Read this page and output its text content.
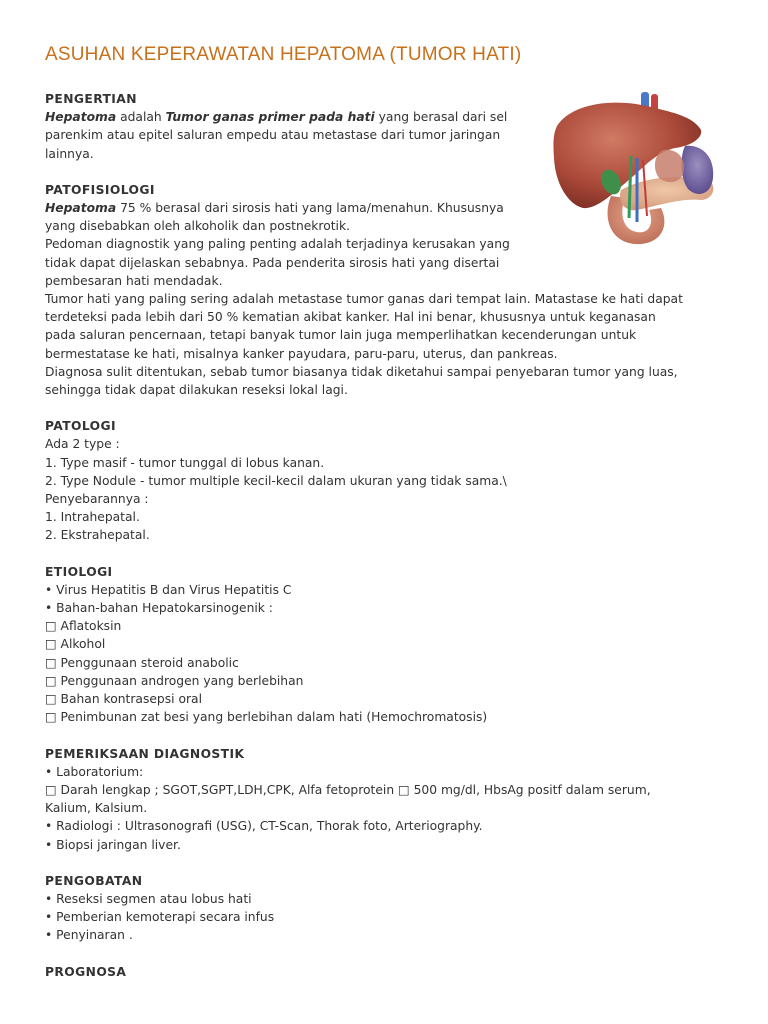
ASUHAN KEPERAWATAN HEPATOMA (TUMOR HATI)
PENGERTIAN
Hepatoma adalah Tumor ganas primer pada hati yang berasal dari sel
parenkim atau epitel saluran empedu atau metastase dari tumor jaringan
lainnya.
PATOFISIOLOGI
Hepatoma 75 % berasal dari sirosis hati yang lama/menahun. Khususnya
yang disebabkan oleh alkoholik dan postnekrotik.
Pedoman diagnostik yang paling penting adalah terjadinya kerusakan yang
tidak dapat dijelaskan sebabnya. Pada penderita sirosis hati yang disertai
pembesaran hati mendadak.
Tumor hati yang paling sering adalah metastase tumor ganas dari tempat lain. Matastase ke hati dapat
terdeteksi pada lebih dari 50 % kematian akibat kanker. Hal ini benar, khususnya untuk keganasan
pada saluran pencernaan, tetapi banyak tumor lain juga memperlihatkan kecenderungan untuk
bermestatase ke hati, misalnya kanker payudara, paru-paru, uterus, dan pankreas.
Diagnosa sulit ditentukan, sebab tumor biasanya tidak diketahui sampai penyebaran tumor yang luas,
sehingga tidak dapat dilakukan reseksi lokal lagi.
PATOLOGI
Ada 2 type :
1. Type masif - tumor tunggal di lobus kanan.
2. Type Nodule - tumor multiple kecil-kecil dalam ukuran yang tidak sama.\
Penyebarannya :
1. Intrahepatal.
2. Ekstrahepatal.
ETIOLOGI
• Virus Hepatitis B dan Virus Hepatitis C
• Bahan-bahan Hepatokarsinogenik :
□ Aflatoksin
□ Alkohol
□ Penggunaan steroid anabolic
□ Penggunaan androgen yang berlebihan
□ Bahan kontrasepsi oral
□ Penimbunan zat besi yang berlebihan dalam hati (Hemochromatosis)
PEMERIKSAAN DIAGNOSTIK
• Laboratorium:
□ Darah lengkap ; SGOT,SGPT,LDH,CPK, Alfa fetoprotein □ 500 mg/dl, HbsAg positf dalam serum,
Kalium, Kalsium.
• Radiologi : Ultrasonografi (USG), CT-Scan, Thorak foto, Arteriography.
• Biopsi jaringan liver.
PENGOBATAN
• Reseksi segmen atau lobus hati
• Pemberian kemoterapi secara infus
• Penyinaran .
PROGNOSA
